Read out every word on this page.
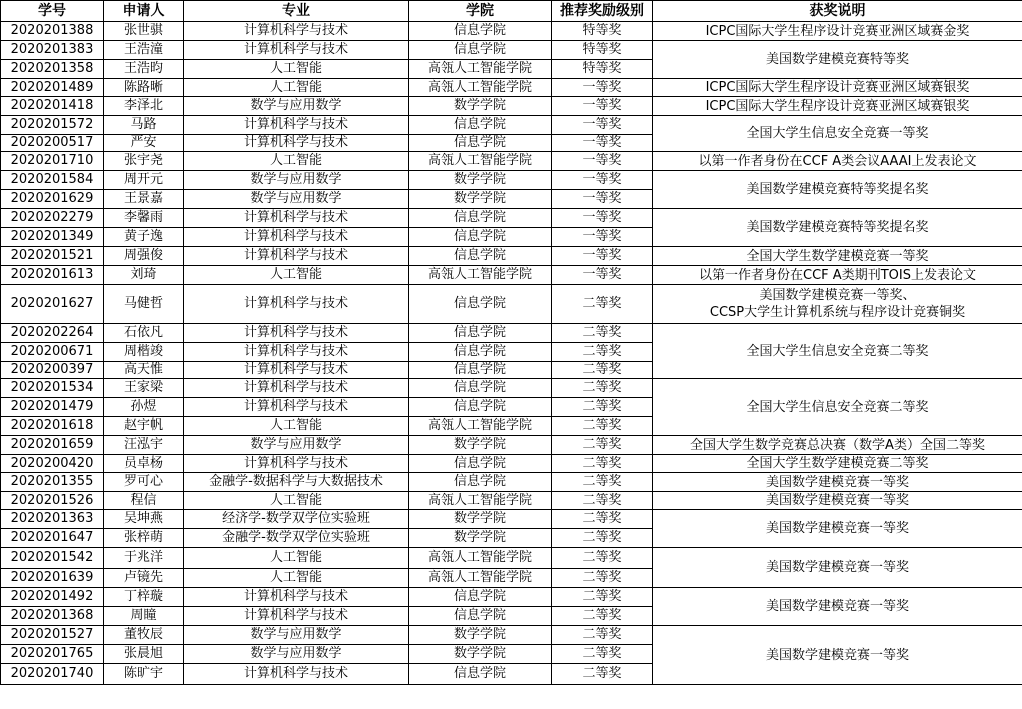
学号	申请人	专业	学院	推荐奖励级别	获奖说明
2020201388	张世骐	计算机科学与技术	信息学院	特等奖	ICPC国际大学生程序设计竞赛亚洲区域赛金奖
2020201383	王浩潼	计算机科学与技术	信息学院	特等奖	美国数学建模竞赛特等奖
2020201358	王浩昀	人工智能	高瓴人工智能学院	特等奖	
2020201489	陈路晰	人工智能	高瓴人工智能学院	一等奖	ICPC国际大学生程序设计竞赛亚洲区域赛银奖
2020201418	李泽北	数学与应用数学	数学学院	一等奖	ICPC国际大学生程序设计竞赛亚洲区域赛银奖
2020201572	马路	计算机科学与技术	信息学院	一等奖	全国大学生信息安全竞赛一等奖
2020200517	严安	计算机科学与技术	信息学院	一等奖	
2020201710	张宇尧	人工智能	高瓴人工智能学院	一等奖	以第一作者身份在CCF A类会议AAAI上发表论文
2020201584	周开元	数学与应用数学	数学学院	一等奖	美国数学建模竞赛特等奖提名奖
2020201629	王景嘉	数学与应用数学	数学学院	一等奖	
2020202279	李馨雨	计算机科学与技术	信息学院	一等奖	美国数学建模竞赛特等奖提名奖
2020201349	黄子逸	计算机科学与技术	信息学院	一等奖	
2020201521	周强俊	计算机科学与技术	信息学院	一等奖	全国大学生数学建模竞赛一等奖
2020201613	刘琦	人工智能	高瓴人工智能学院	一等奖	以第一作者身份在CCF A类期刊TOIS上发表论文
2020201627	马健哲	计算机科学与技术	信息学院	二等奖	美国数学建模竞赛一等奖、
CCSP大学生计算机系统与程序设计竞赛铜奖
2020202264	石依凡	计算机科学与技术	信息学院	二等奖	全国大学生信息安全竞赛二等奖
2020200671	周楷竣	计算机科学与技术	信息学院	二等奖	
2020200397	高天惟	计算机科学与技术	信息学院	二等奖	
2020201534	王家梁	计算机科学与技术	信息学院	二等奖	全国大学生信息安全竞赛二等奖
2020201479	孙煜	计算机科学与技术	信息学院	二等奖	
2020201618	赵宇帆	人工智能	高瓴人工智能学院	二等奖	
2020201659	汪泓宇	数学与应用数学	数学学院	二等奖	全国大学生数学竞赛总决赛（数学A类）全国二等奖
2020200420	员卓杨	计算机科学与技术	信息学院	二等奖	全国大学生数学建模竞赛二等奖
2020201355	罗可心	金融学-数据科学与大数据技术	信息学院	二等奖	美国数学建模竞赛一等奖
2020201526	程信	人工智能	高瓴人工智能学院	二等奖	美国数学建模竞赛一等奖
2020201363	吴坤燕	经济学-数学双学位实验班	数学学院	二等奖	美国数学建模竞赛一等奖
2020201647	张梓萌	金融学-数学双学位实验班	数学学院	二等奖	
2020201542	于兆洋	人工智能	高瓴人工智能学院	二等奖	美国数学建模竞赛一等奖
2020201639	卢镜先	人工智能	高瓴人工智能学院	二等奖	
2020201492	丁梓璇	计算机科学与技术	信息学院	二等奖	美国数学建模竞赛一等奖
2020201368	周瞳	计算机科学与技术	信息学院	二等奖	
2020201527	董牧辰	数学与应用数学	数学学院	二等奖	美国数学建模竞赛一等奖
2020201765	张晨旭	数学与应用数学	数学学院	二等奖	
2020201740	陈旷宇	计算机科学与技术	信息学院	二等奖	
